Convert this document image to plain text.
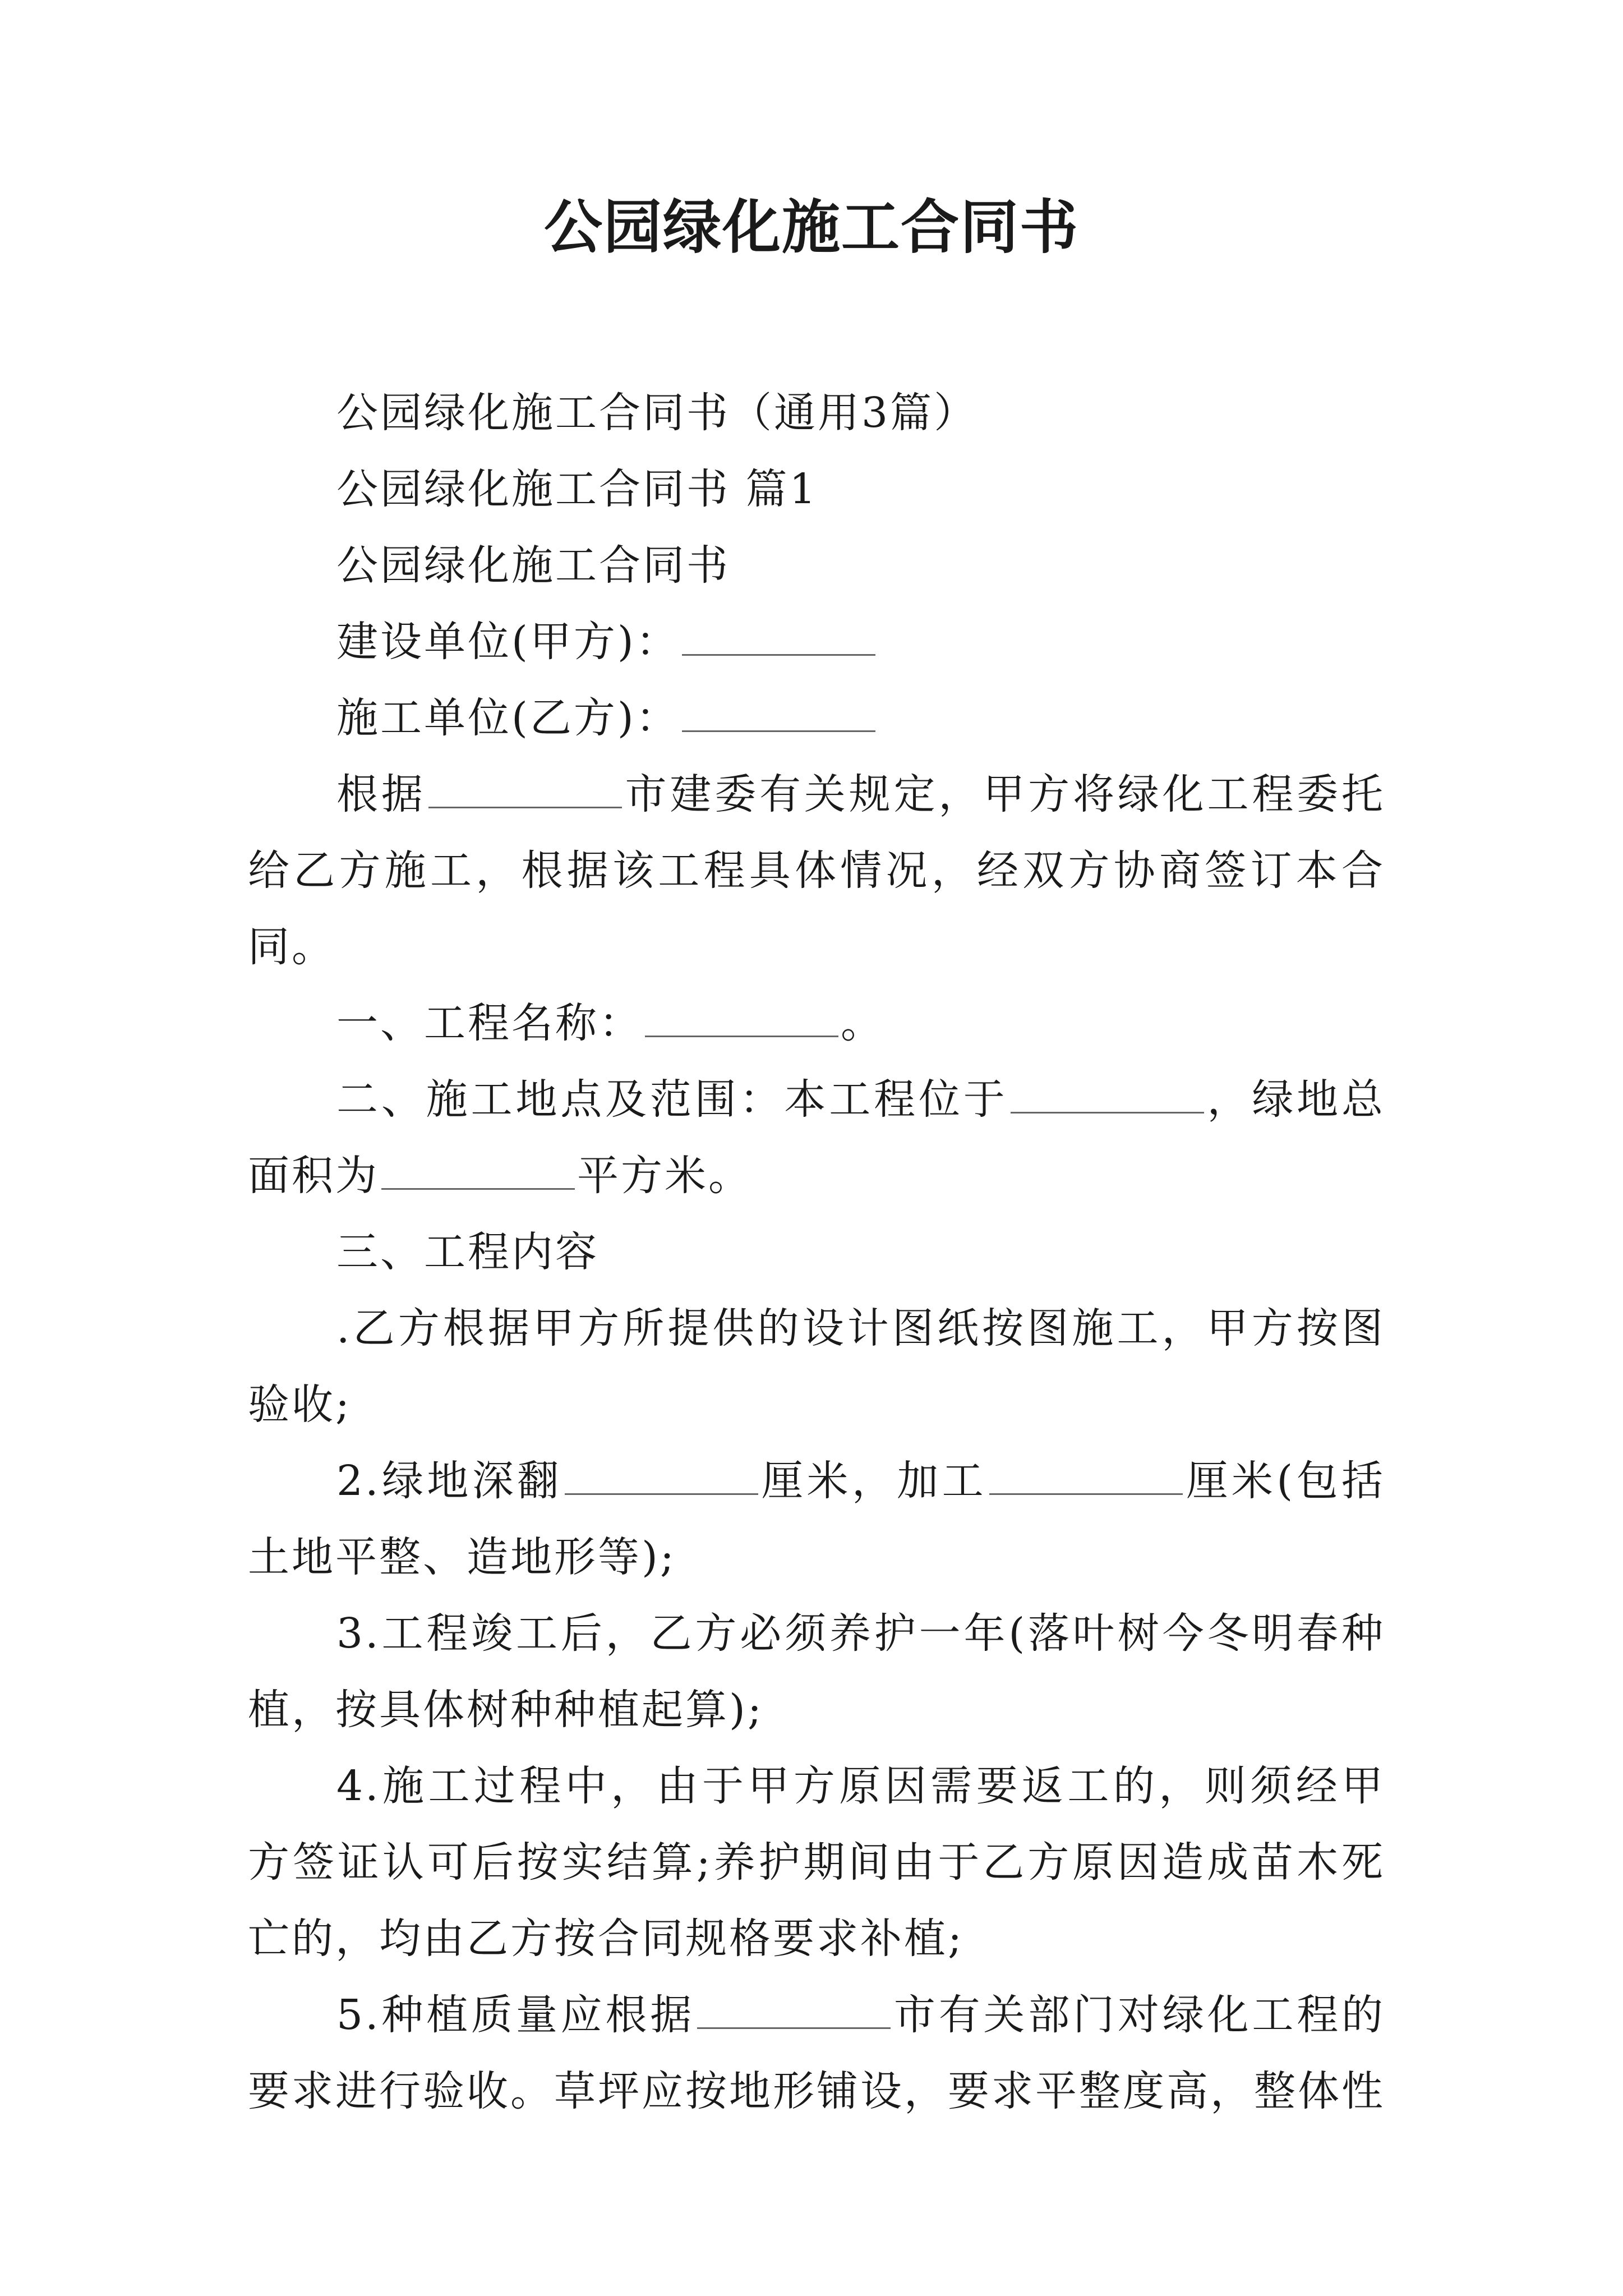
公园绿化施工合同书

公园绿化施工合同书（通用3篇）

公园绿化施工合同书 篇1

公园绿化施工合同书

建设单位(甲方)：

施工单位(乙方)：

根据	市建委有关规定，甲方将绿化工程委托给乙方施工，根据该工程具体情况，经双方协商签订本合同。

一、工程名称：	。

二、施工地点及范围：本工程位于	，绿地总面积为	平方米。

三、工程内容

.乙方根据甲方所提供的设计图纸按图施工，甲方按图验收;

2.绿地深翻	厘米，加工	厘米(包括土地平整、造地形等);

3.工程竣工后，乙方必须养护一年(落叶树今冬明春种植，按具体树种种植起算);

4.施工过程中，由于甲方原因需要返工的，则须经甲方签证认可后按实结算;养护期间由于乙方原因造成苗木死亡的，均由乙方按合同规格要求补植;

5.种植质量应根据	市有关部门对绿化工程的要求进行验收。草坪应按地形铺设，要求平整度高，整体性
